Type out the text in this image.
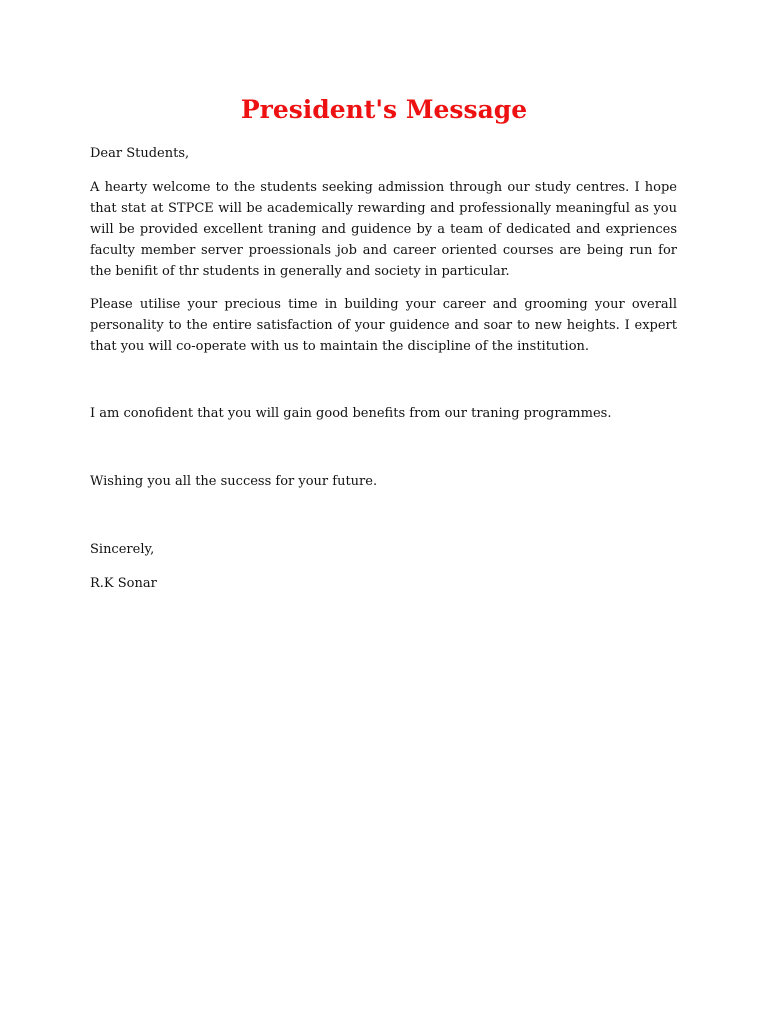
President's Message

Dear Students,

A hearty welcome to the students seeking admission through our study centres. I hope that stat at STPCE will be academically rewarding and professionally meaningful as you will be provided excellent traning and guidence by a team of dedicated and expriences faculty member server proessionals job and career oriented courses are being run for the benifit of thr students in generally and society in particular.

Please utilise your precious time in building your career and grooming your overall personality to the entire satisfaction of your guidence and soar to new heights. I expert that you will co-operate with us to maintain the discipline of the institution.

I am conofident that you will gain good benefits from our traning programmes.

Wishing you all the success for your future.

Sincerely,

R.K Sonar
